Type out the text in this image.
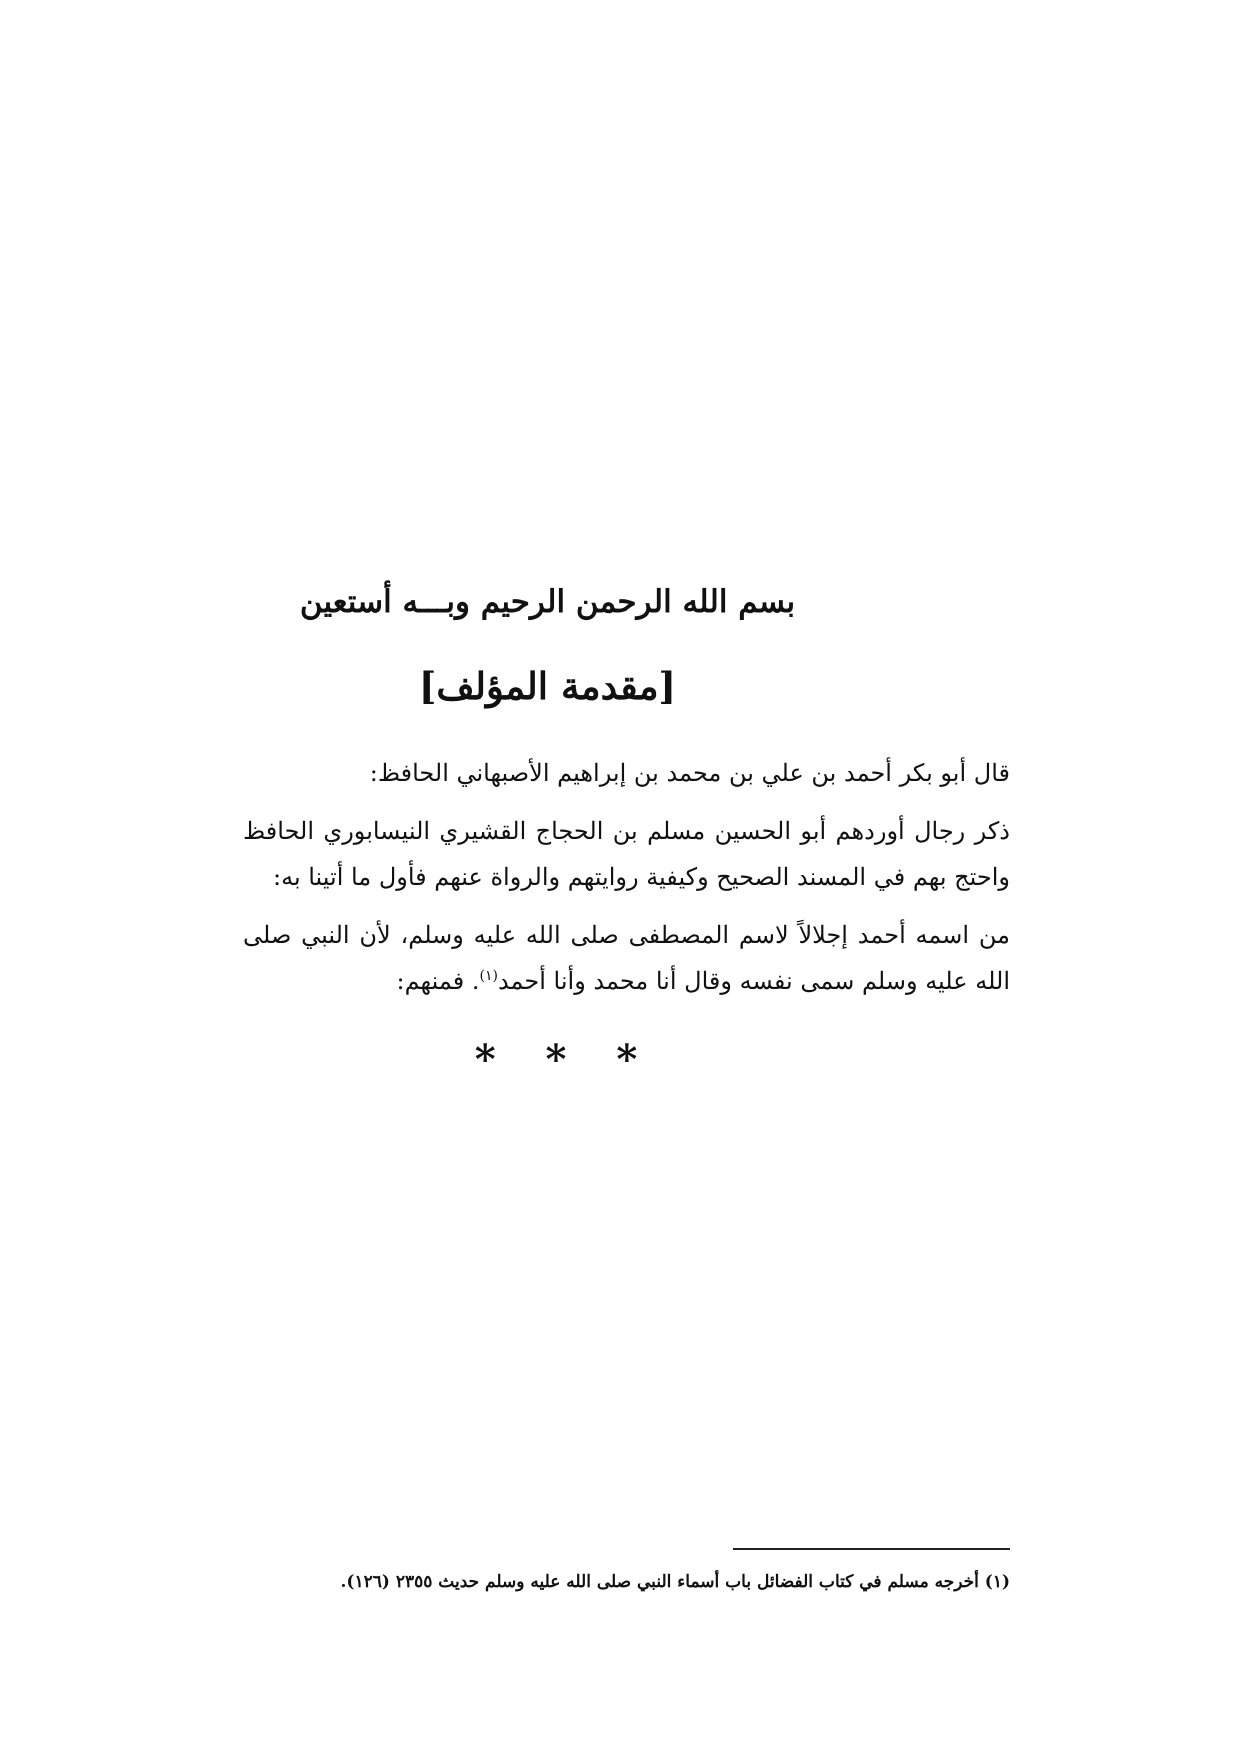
بسم الله الرحمن الرحيم وبـــه أستعين
[مقدمة المؤلف]
قال أبو بكر أحمد بن علي بن محمد بن إبراهيم الأصبهاني الحافظ:
ذكر رجال أوردهم أبو الحسين مسلم بن الحجاج القشيري النيسابوري الحافظ واحتج بهم في المسند الصحيح وكيفية روايتهم والرواة عنهم فأول ما أتينا به:
من اسمه أحمد إجلالاً لاسم المصطفى صلى الله عليه وسلم، لأن النبي صلى الله عليه وسلم سمى نفسه وقال أنا محمد وأنا أحمد$^{(١)}$. فمنهم:
* * *
(١) أخرجه مسلم في كتاب الفضائل باب أسماء النبي صلى الله عليه وسلم حديث ٢٣٥٥ (١٢٦).
